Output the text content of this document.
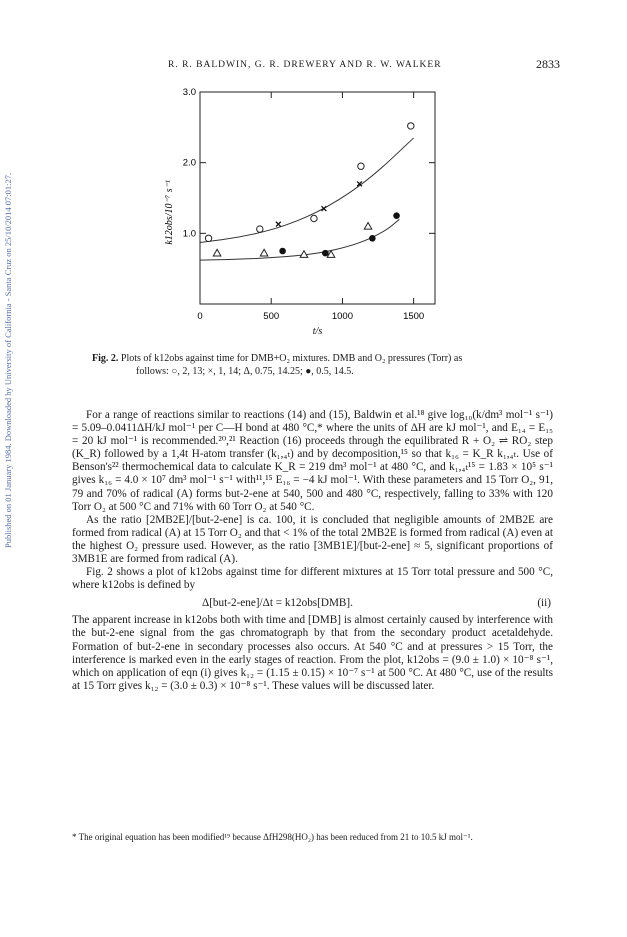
Published on 01 January 1984. Downloaded by University of California - Santa Cruz on 25/10/2014 07:01:27.
R. R. BALDWIN, G. R. DREWERY AND R. W. WALKER	2833
0	500	1000	1500
1.0
2.0
3.0
k12obs/10⁻⁷ s⁻¹
t/s
Fig. 2. Plots of k12obs against time for DMB+O₂ mixtures. DMB and O₂ pressures (Torr) as
follows: ○, 2, 13; ×, 1, 14; Δ, 0.75, 14.25; ●, 0.5, 14.5.

For a range of reactions similar to reactions (14) and (15), Baldwin et al.¹⁸ give log₁₀(k/dm³ mol⁻¹ s⁻¹) = 5.09–0.0411ΔH/kJ mol⁻¹ per C—H bond at 480 °C,* where the units of ΔH are kJ mol⁻¹, and E₁₄ = E₁₅ = 20 kJ mol⁻¹ is recommended.²⁰,²¹ Reaction (16) proceeds through the equilibrated R + O₂ ⇌ RO₂ step (K_R) followed by a 1,4t H-atom transfer (k₁,₄ₜ) and by decomposition,¹⁵ so that k₁₆ = K_R k₁,₄ₜ. Use of Benson's²² thermochemical data to calculate K_R = 219 dm³ mol⁻¹ at 480 °C, and k₁,₄ₜ¹⁵ = 1.83 × 10⁵ s⁻¹ gives k₁₆ = 4.0 × 10⁷ dm³ mol⁻¹ s⁻¹ with¹¹,¹⁵ E₁₆ = −4 kJ mol⁻¹. With these parameters and 15 Torr O₂, 91, 79 and 70% of radical (A) forms but-2-ene at 540, 500 and 480 °C, respectively, falling to 33% with 120 Torr O₂ at 500 °C and 71% with 60 Torr O₂ at 540 °C.

As the ratio [2MB2E]/[but-2-ene] is ca. 100, it is concluded that negligible amounts of 2MB2E are formed from radical (A) at 15 Torr O₂ and that < 1% of the total 2MB2E is formed from radical (A) even at the highest O₂ pressure used. However, as the ratio [3MB1E]/[but-2-ene] ≈ 5, significant proportions of 3MB1E are formed from radical (A).

Fig. 2 shows a plot of k12obs against time for different mixtures at 15 Torr total pressure and 500 °C, where k12obs is defined by

Δ[but-2-ene]/Δt = k12obs[DMB].	(ii)

The apparent increase in k12obs both with time and [DMB] is almost certainly caused by interference with the but-2-ene signal from the gas chromatograph by that from the secondary product acetaldehyde. Formation of but-2-ene in secondary processes also occurs. At 540 °C and at pressures > 15 Torr, the interference is marked even in the early stages of reaction. From the plot, k12obs = (9.0 ± 1.0) × 10⁻⁸ s⁻¹, which on application of eqn (i) gives k₁₂ = (1.15 ± 0.15) × 10⁻⁷ s⁻¹ at 500 °C. At 480 °C, use of the results at 15 Torr gives k₁₂ = (3.0 ± 0.3) × 10⁻⁸ s⁻¹. These values will be discussed later.

* The original equation has been modified¹⁹ because ΔfH298(HO₂) has been reduced from 21 to 10.5 kJ mol⁻¹.
